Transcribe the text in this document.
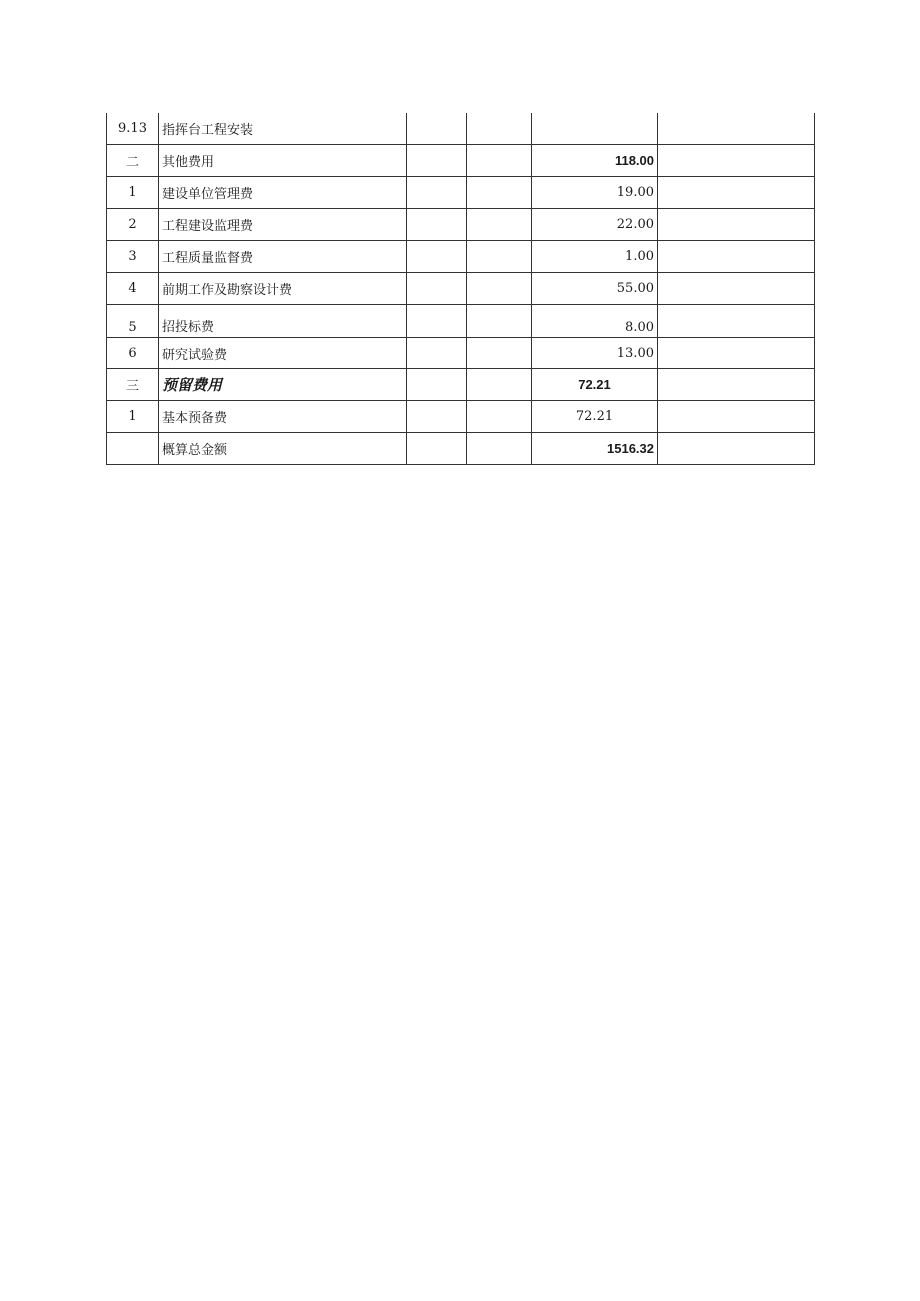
9.13	指挥台工程安装				
二	其他费用			118.00	
1	建设单位管理费			19.00	
2	工程建设监理费			22.00	
3	工程质量监督费			1.00	
4	前期工作及勘察设计费			55.00	
5	招投标费			8.00	
6	研究试验费			13.00	
三	预留费用			72.21	
1	基本预备费			72.21	
	概算总金额			1516.32	
